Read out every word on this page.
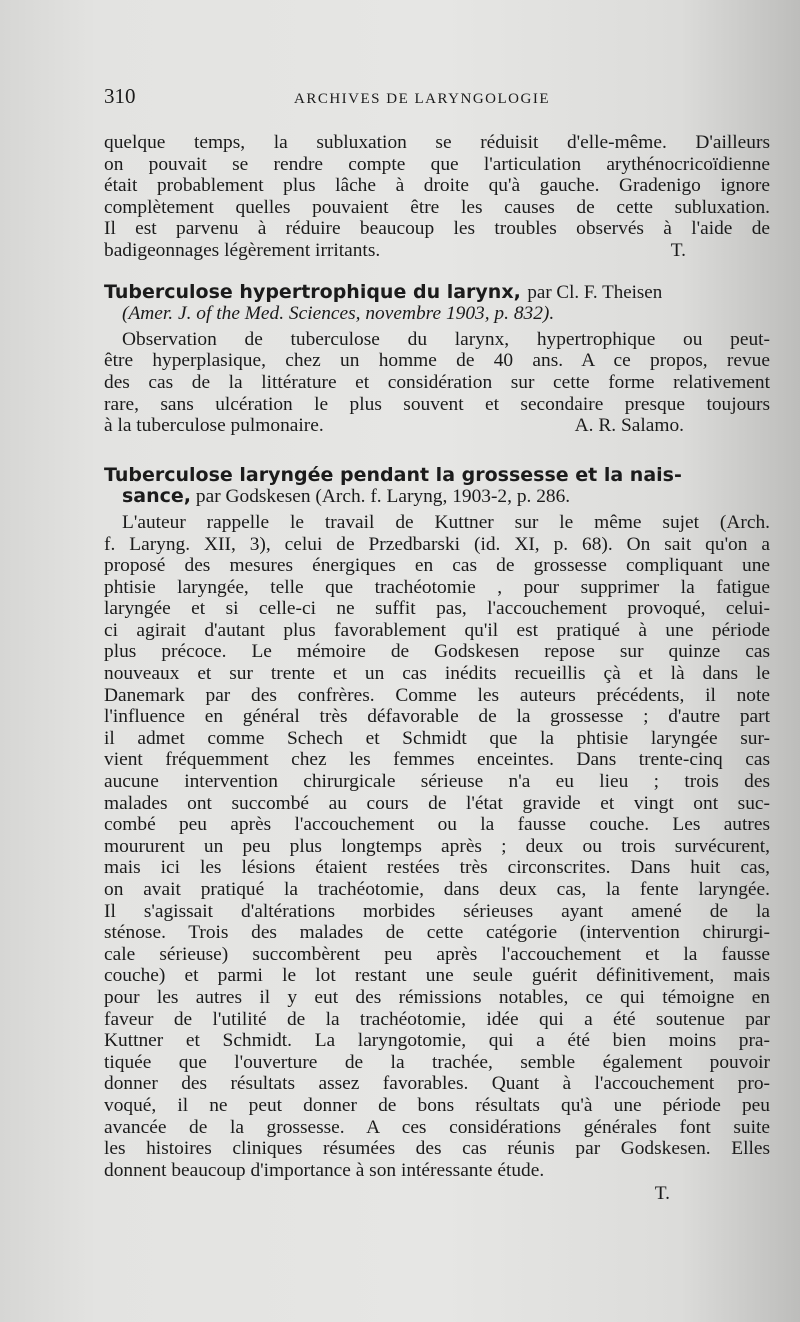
310	ARCHIVES DE LARYNGOLOGIE
quelque temps, la subluxation se réduisit d'elle-même. D'ailleurs
on pouvait se rendre compte que l'articulation arythénocricoïdienne
était probablement plus lâche à droite qu'à gauche. Gradenigo ignore
complètement quelles pouvaient être les causes de cette subluxation.
Il est parvenu à réduire beaucoup les troubles observés à l'aide de
badigeonnages légèrement irritants.	T.
Tuberculose hypertrophique du larynx, par Cl. F. Theisen
(Amer. J. of the Med. Sciences, novembre 1903, p. 832).
Observation de tuberculose du larynx, hypertrophique ou peut-
être hyperplasique, chez un homme de 40 ans. A ce propos, revue
des cas de la littérature et considération sur cette forme relativement
rare, sans ulcération le plus souvent et secondaire presque toujours
à la tuberculose pulmonaire.	A. R. Salamo.
Tuberculose laryngée pendant la grossesse et la nais-
sance, par Godskesen (Arch. f. Laryng, 1903-2, p. 286.
L'auteur rappelle le travail de Kuttner sur le même sujet (Arch.
f. Laryng. XII, 3), celui de Przedbarski (id. XI, p. 68). On sait qu'on a
proposé des mesures énergiques en cas de grossesse compliquant une
phtisie laryngée, telle que trachéotomie , pour supprimer la fatigue
laryngée et si celle-ci ne suffit pas, l'accouchement provoqué, celui-
ci agirait d'autant plus favorablement qu'il est pratiqué à une période
plus précoce. Le mémoire de Godskesen repose sur quinze cas
nouveaux et sur trente et un cas inédits recueillis çà et là dans le
Danemark par des confrères. Comme les auteurs précédents, il note
l'influence en général très défavorable de la grossesse ; d'autre part
il admet comme Schech et Schmidt que la phtisie laryngée sur-
vient fréquemment chez les femmes enceintes. Dans trente-cinq cas
aucune intervention chirurgicale sérieuse n'a eu lieu ; trois des
malades ont succombé au cours de l'état gravide et vingt ont suc-
combé peu après l'accouchement ou la fausse couche. Les autres
moururent un peu plus longtemps après ; deux ou trois survécurent,
mais ici les lésions étaient restées très circonscrites. Dans huit cas,
on avait pratiqué la trachéotomie, dans deux cas, la fente laryngée.
Il s'agissait d'altérations morbides sérieuses ayant amené de la
sténose. Trois des malades de cette catégorie (intervention chirurgi-
cale sérieuse) succombèrent peu après l'accouchement et la fausse
couche) et parmi le lot restant une seule guérit définitivement, mais
pour les autres il y eut des rémissions notables, ce qui témoigne en
faveur de l'utilité de la trachéotomie, idée qui a été soutenue par
Kuttner et Schmidt. La laryngotomie, qui a été bien moins pra-
tiquée que l'ouverture de la trachée, semble également pouvoir
donner des résultats assez favorables. Quant à l'accouchement pro-
voqué, il ne peut donner de bons résultats qu'à une période peu
avancée de la grossesse. A ces considérations générales font suite
les histoires cliniques résumées des cas réunis par Godskesen. Elles
donnent beaucoup d'importance à son intéressante étude.
T.
